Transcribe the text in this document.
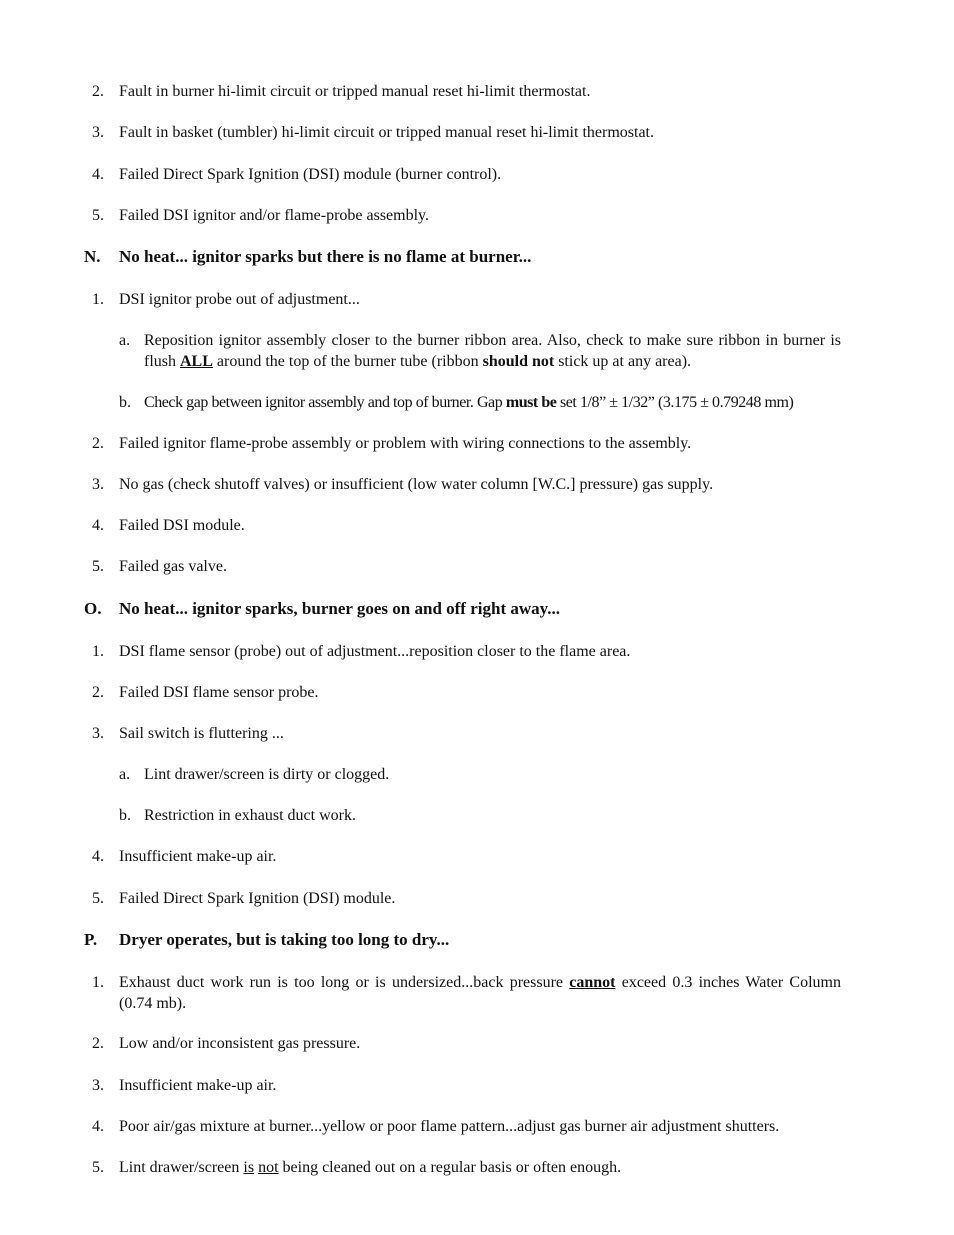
2. Fault in burner hi-limit circuit or tripped manual reset hi-limit thermostat.
3. Fault in basket (tumbler) hi-limit circuit or tripped manual reset hi-limit thermostat.
4. Failed Direct Spark Ignition (DSI) module (burner control).
5. Failed DSI ignitor and/or flame-probe assembly.
N. No heat... ignitor sparks but there is no flame at burner...
1. DSI ignitor probe out of adjustment...
a. Reposition ignitor assembly closer to the burner ribbon area. Also, check to make sure ribbon in burner is flush ALL around the top of the burner tube (ribbon should not stick up at any area).
b. Check gap between ignitor assembly and top of burner. Gap must be set 1/8” ± 1/32” (3.175 ± 0.79248 mm)
2. Failed ignitor flame-probe assembly or problem with wiring connections to the assembly.
3. No gas (check shutoff valves) or insufficient (low water column [W.C.] pressure) gas supply.
4. Failed DSI module.
5. Failed gas valve.
O. No heat... ignitor sparks, burner goes on and off right away...
1. DSI flame sensor (probe) out of adjustment...reposition closer to the flame area.
2. Failed DSI flame sensor probe.
3. Sail switch is fluttering ...
a. Lint drawer/screen is dirty or clogged.
b. Restriction in exhaust duct work.
4. Insufficient make-up air.
5. Failed Direct Spark Ignition (DSI) module.
P. Dryer operates, but is taking too long to dry...
1. Exhaust duct work run is too long or is undersized...back pressure cannot exceed 0.3 inches Water Column (0.74 mb).
2. Low and/or inconsistent gas pressure.
3. Insufficient make-up air.
4. Poor air/gas mixture at burner...yellow or poor flame pattern...adjust gas burner air adjustment shutters.
5. Lint drawer/screen is not being cleaned out on a regular basis or often enough.
